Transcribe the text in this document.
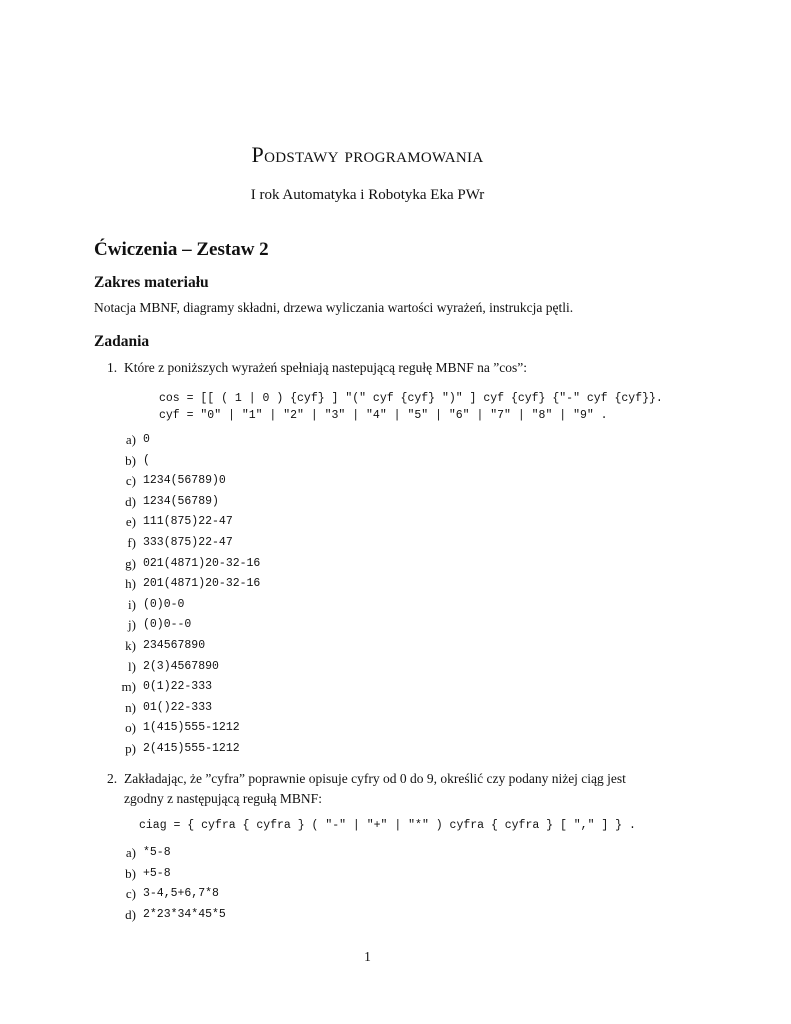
Podstawy programowania
I rok Automatyka i Robotyka Eka PWr
Ćwiczenia – Zestaw 2
Zakres materiału
Notacja MBNF, diagramy składni, drzewa wyliczania wartości wyrażeń, instrukcja pętli.
Zadania
1. Które z poniższych wyrażeń spełniają nastepującą regułę MBNF na ”cos”:
cos = [[ ( 1 | 0 ) {cyf} ] "(" cyf {cyf} ")" ] cyf {cyf} {"-" cyf {cyf}}.
cyf = "0" | "1" | "2" | "3" | "4" | "5" | "6" | "7" | "8" | "9" .
a) 0
b) (
c) 1234(56789)0
d) 1234(56789)
e) 111(875)22-47
f) 333(875)22-47
g) 021(4871)20-32-16
h) 201(4871)20-32-16
i) (0)0-0
j) (0)0--0
k) 234567890
l) 2(3)4567890
m) 0(1)22-333
n) 01()22-333
o) 1(415)555-1212
p) 2(415)555-1212
2. Zakładając, że ”cyfra” poprawnie opisuje cyfry od 0 do 9, określić czy podany niżej ciąg jest
zgodny z następującą regułą MBNF:
ciag = { cyfra { cyfra } ( "-" | "+" | "*" ) cyfra { cyfra } [ "," ] } .
a) *5-8
b) +5-8
c) 3-4,5+6,7*8
d) 2*23*34*45*5
1
